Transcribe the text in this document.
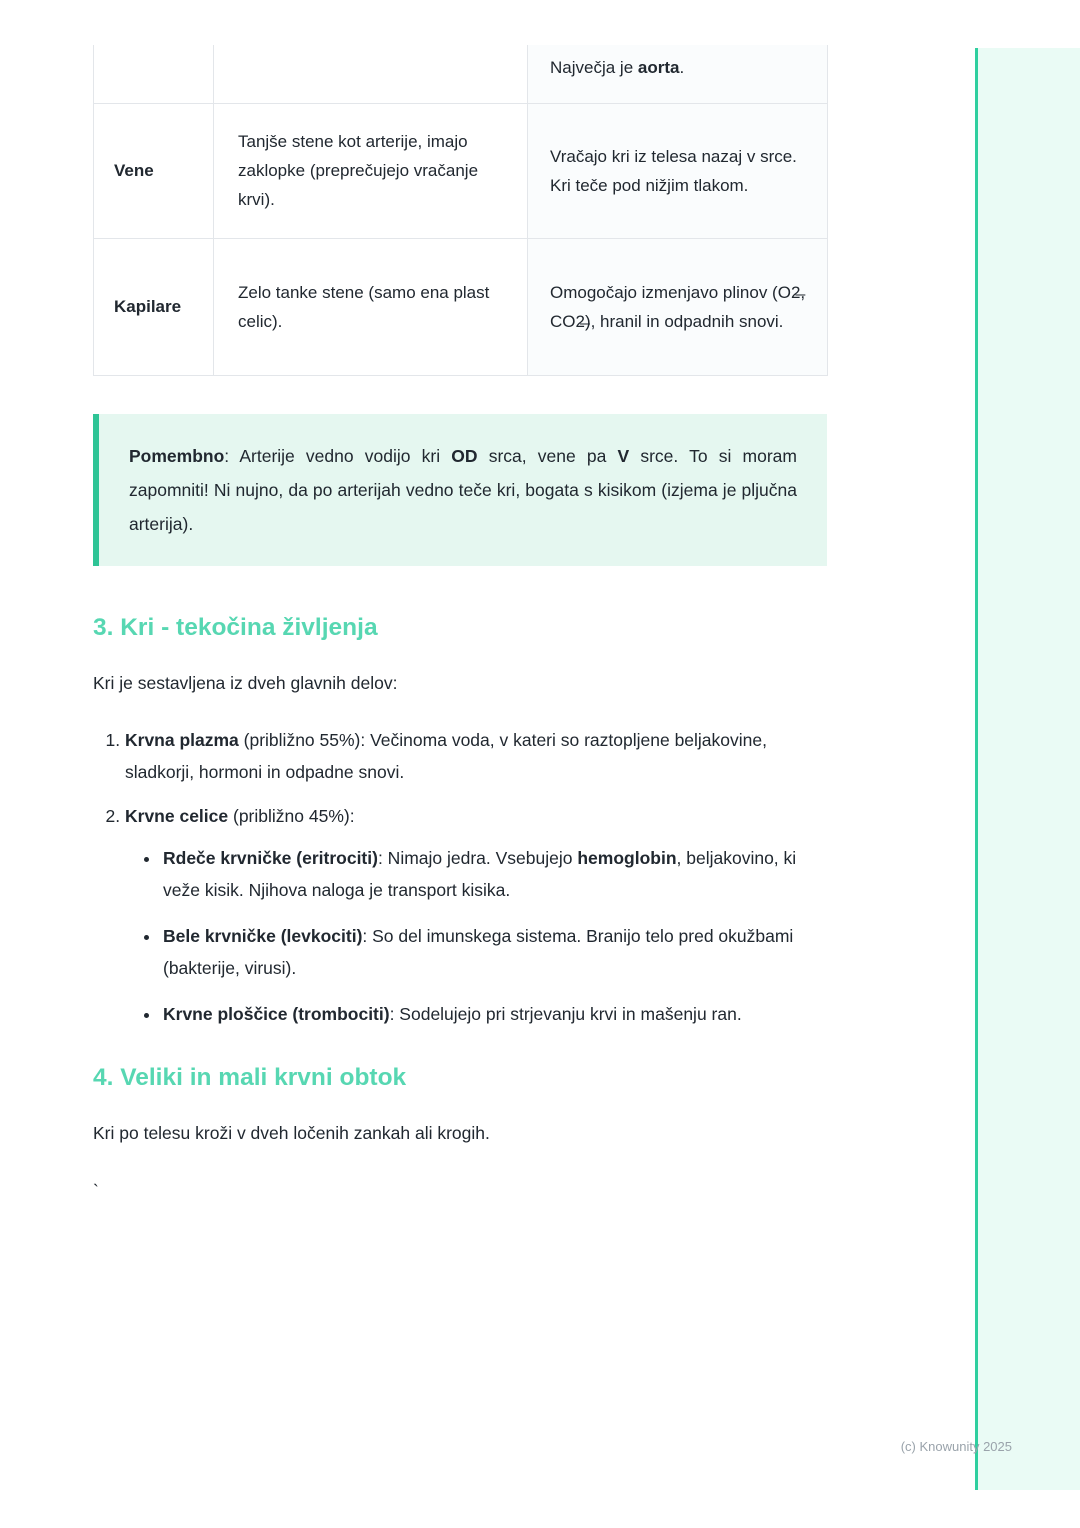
		Največja je aorta.
Vene	Tanjše stene kot arterije, imajo zaklopke (preprečujejo vračanje krvi).	Vračajo kri iz telesa nazaj v srce. Kri teče pod nižjim tlakom.
Kapilare	Zelo tanke stene (samo ena plast celic).	Omogočajo izmenjavo plinov (O2̶, CO2̶), hranil in odpadnih snovi.

Pomembno: Arterije vedno vodijo kri OD srca, vene pa V srce. To si moram zapomniti! Ni nujno, da po arterijah vedno teče kri, bogata s kisikom (izjema je pljučna arterija).

3. Kri - tekočina življenja

Kri je sestavljena iz dveh glavnih delov:

1. Krvna plazma (približno 55%): Večinoma voda, v kateri so raztopljene beljakovine, sladkorji, hormoni in odpadne snovi.
2. Krvne celice (približno 45%):
• Rdeče krvničke (eritrociti): Nimajo jedra. Vsebujejo hemoglobin, beljakovino, ki veže kisik. Njihova naloga je transport kisika.
• Bele krvničke (levkociti): So del imunskega sistema. Branijo telo pred okužbami (bakterije, virusi).
• Krvne ploščice (trombociti): Sodelujejo pri strjevanju krvi in mašenju ran.
4. Veliki in mali krvni obtok

Kri po telesu kroži v dveh ločenih zankah ali krogih.

`

(c) Knowunity 2025
